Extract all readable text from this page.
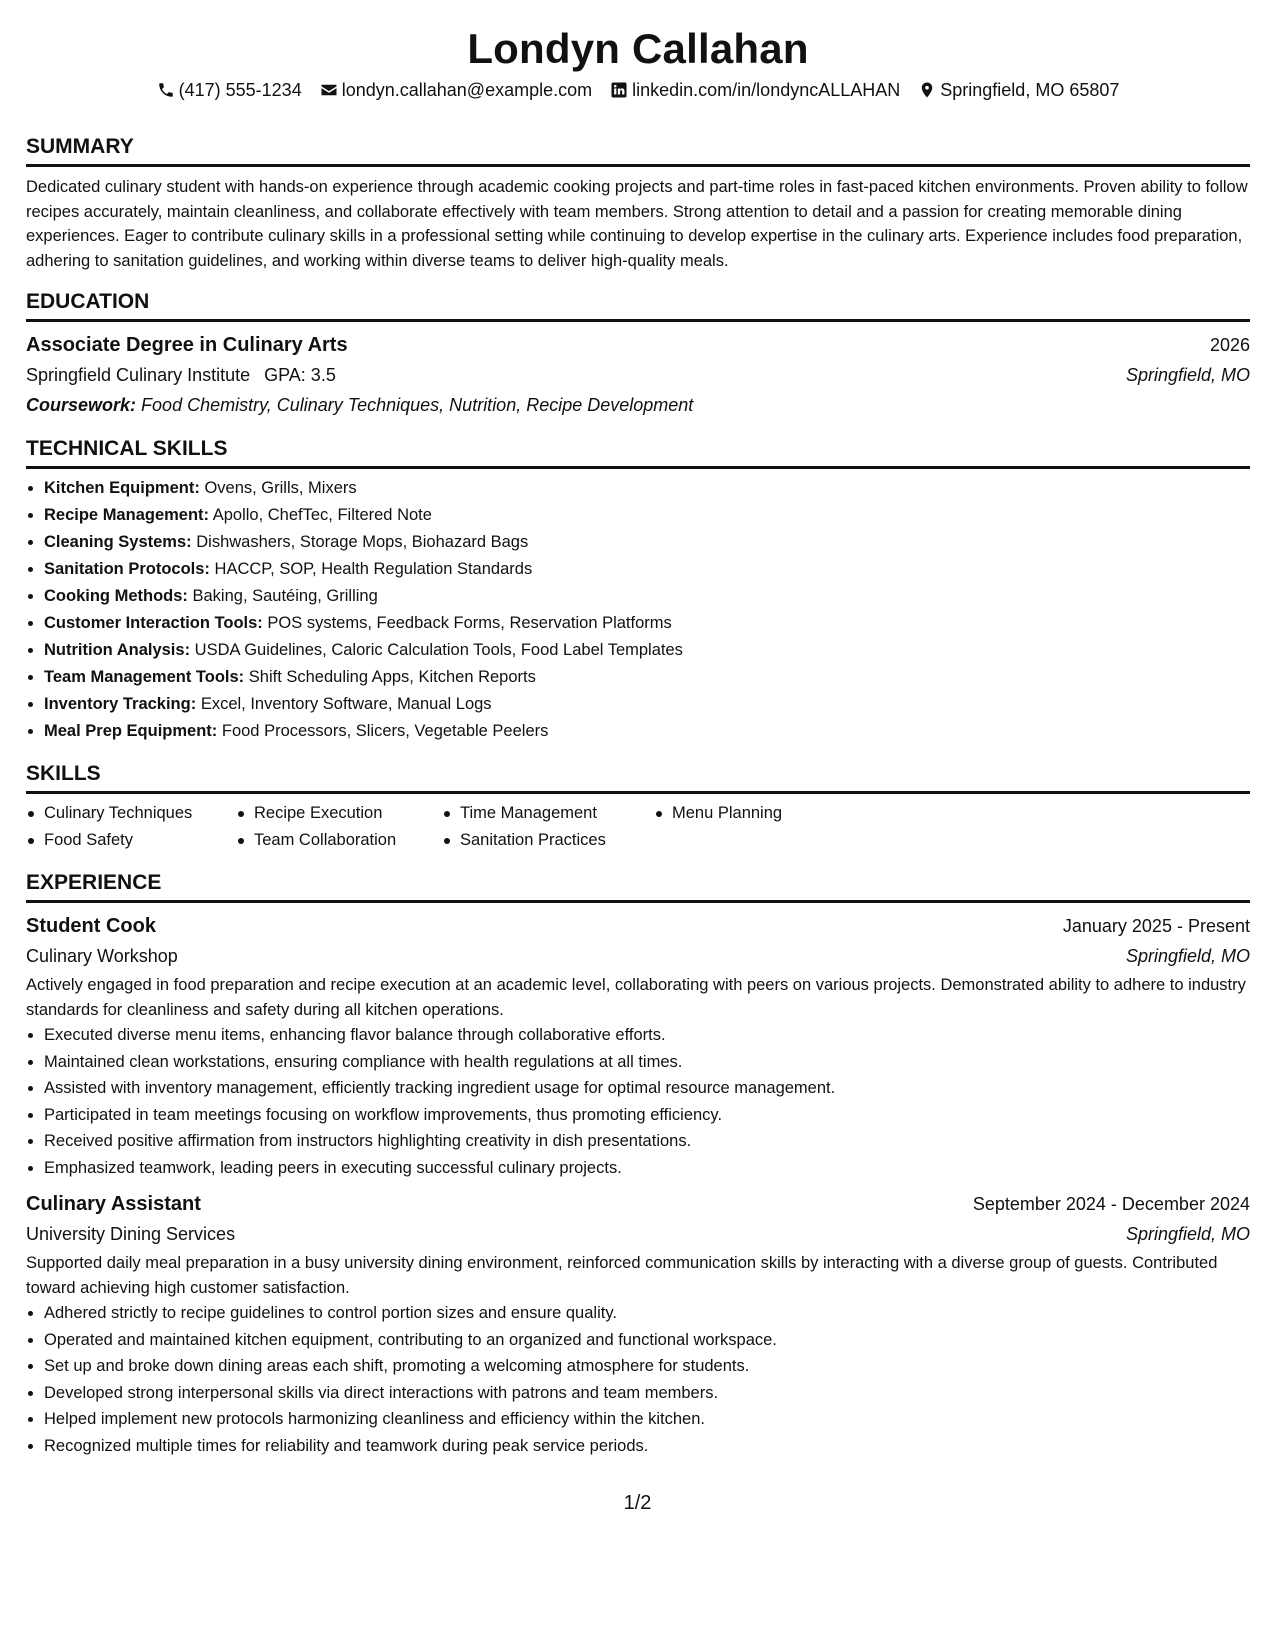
Londyn Callahan
(417) 555-1234 londyn.callahan@example.com linkedin.com/in/londyncALLAHAN Springfield, MO 65807
SUMMARY
Dedicated culinary student with hands-on experience through academic cooking projects and part-time roles in fast-paced kitchen environments. Proven ability to follow recipes accurately, maintain cleanliness, and collaborate effectively with team members. Strong attention to detail and a passion for creating memorable dining experiences. Eager to contribute culinary skills in a professional setting while continuing to develop expertise in the culinary arts. Experience includes food preparation, adhering to sanitation guidelines, and working within diverse teams to deliver high-quality meals.
EDUCATION
Associate Degree in Culinary Arts	2026
Springfield Culinary Institute GPA: 3.5	Springfield, MO
Coursework: Food Chemistry, Culinary Techniques, Nutrition, Recipe Development
TECHNICAL SKILLS
• Kitchen Equipment: Ovens, Grills, Mixers
• Recipe Management: Apollo, ChefTec, Filtered Note
• Cleaning Systems: Dishwashers, Storage Mops, Biohazard Bags
• Sanitation Protocols: HACCP, SOP, Health Regulation Standards
• Cooking Methods: Baking, Sautéing, Grilling
• Customer Interaction Tools: POS systems, Feedback Forms, Reservation Platforms
• Nutrition Analysis: USDA Guidelines, Caloric Calculation Tools, Food Label Templates
• Team Management Tools: Shift Scheduling Apps, Kitchen Reports
• Inventory Tracking: Excel, Inventory Software, Manual Logs
• Meal Prep Equipment: Food Processors, Slicers, Vegetable Peelers
SKILLS
Culinary Techniques	Recipe Execution	Time Management	Menu Planning
Food Safety	Team Collaboration	Sanitation Practices
EXPERIENCE
Student Cook	January 2025 - Present
Culinary Workshop	Springfield, MO
Actively engaged in food preparation and recipe execution at an academic level, collaborating with peers on various projects. Demonstrated ability to adhere to industry standards for cleanliness and safety during all kitchen operations.
• Executed diverse menu items, enhancing flavor balance through collaborative efforts.
• Maintained clean workstations, ensuring compliance with health regulations at all times.
• Assisted with inventory management, efficiently tracking ingredient usage for optimal resource management.
• Participated in team meetings focusing on workflow improvements, thus promoting efficiency.
• Received positive affirmation from instructors highlighting creativity in dish presentations.
• Emphasized teamwork, leading peers in executing successful culinary projects.
Culinary Assistant	September 2024 - December 2024
University Dining Services	Springfield, MO
Supported daily meal preparation in a busy university dining environment, reinforced communication skills by interacting with a diverse group of guests. Contributed toward achieving high customer satisfaction.
• Adhered strictly to recipe guidelines to control portion sizes and ensure quality.
• Operated and maintained kitchen equipment, contributing to an organized and functional workspace.
• Set up and broke down dining areas each shift, promoting a welcoming atmosphere for students.
• Developed strong interpersonal skills via direct interactions with patrons and team members.
• Helped implement new protocols harmonizing cleanliness and efficiency within the kitchen.
• Recognized multiple times for reliability and teamwork during peak service periods.
1/2
